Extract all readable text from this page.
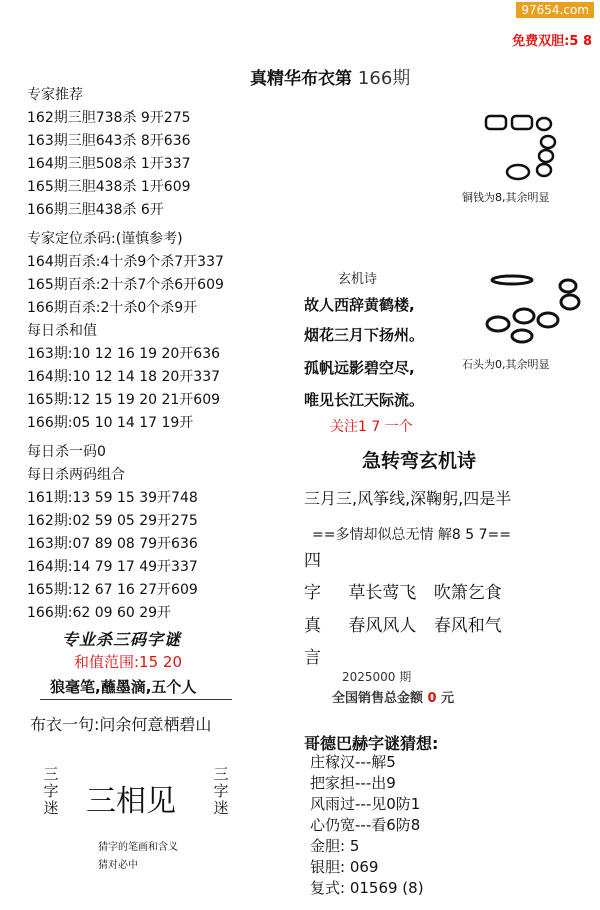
97654.com
免费双胆:5 8
真精华布衣第 166期
专家推荐
162期三胆738杀 9开275
163期三胆643杀 8开636
164期三胆508杀 1开337
165期三胆438杀 1开609
166期三胆438杀 6开
专家定位杀码:(谨慎参考)
164期百杀:4十杀9个杀7开337
165期百杀:2十杀7个杀6开609
166期百杀:2十杀0个杀9开
每日杀和值
163期:10 12 16 19 20开636
164期:10 12 14 18 20开337
165期:12 15 19 20 21开609
166期:05 10 14 17 19开
每日杀一码0
每日杀两码组合
161期:13 59 15 39开748
162期:02 59 05 29开275
163期:07 89 08 79开636
164期:14 79 17 49开337
165期:12 67 16 27开609
166期:62 09 60 29开
专业杀三码字谜
和值范围:15 20
狼毫笔,蘸墨滴,五个人
布衣一句:问余何意栖碧山
三字迷 三相见
三字迷
猜字的笔画和含义
猜对必中
铜钱为8,其余明显
石头为0,其余明显
玄机诗
故人西辞黄鹤楼,
烟花三月下扬州。
孤帆远影碧空尽,
唯见长江天际流。
关注1 7 一个
急转弯玄机诗
三月三,风筝线,深鞠躬,四是半
==多情却似总无情 解8 5 7==
四
字 草长莺飞 吹箫乞食
真 春风风人 春风和气
言
2025000 期
全国销售总金额 0 元
哥德巴赫字谜猜想:
庄稼汉---解5
把家担---出9
风雨过---见0防1
心仍宽---看6防8
金胆: 5
银胆: 069
复式: 01569 (8)
